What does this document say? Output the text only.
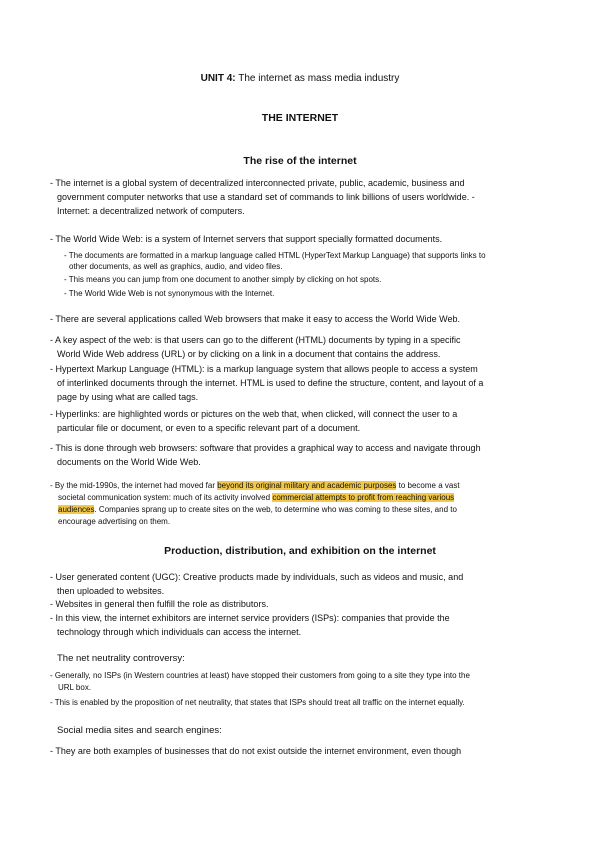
UNIT 4: The internet as mass media industry
THE INTERNET
The rise of the internet
- The internet is a global system of decentralized interconnected private, public, academic, business and
government computer networks that use a standard set of commands to link billions of users worldwide. -
Internet: a decentralized network of computers.
- The World Wide Web: is a system of Internet servers that support specially formatted documents.
- The documents are formatted in a markup language called HTML (HyperText Markup Language) that supports links to
other documents, as well as graphics, audio, and video files.
- This means you can jump from one document to another simply by clicking on hot spots.
- The World Wide Web is not synonymous with the Internet.
- There are several applications called Web browsers that make it easy to access the World Wide Web.
- A key aspect of the web: is that users can go to the different (HTML) documents by typing in a specific
World Wide Web address (URL) or by clicking on a link in a document that contains the address.
- Hypertext Markup Language (HTML): is a markup language system that allows people to access a system
of interlinked documents through the internet. HTML is used to define the structure, content, and layout of a
page by using what are called tags.
- Hyperlinks: are highlighted words or pictures on the web that, when clicked, will connect the user to a
particular file or document, or even to a specific relevant part of a document.
- This is done through web browsers: software that provides a graphical way to access and navigate through
documents on the World Wide Web.
- By the mid-1990s, the internet had moved far beyond its original military and academic purposes to become a vast
societal communication system: much of its activity involved commercial attempts to profit from reaching various
audiences. Companies sprang up to create sites on the web, to determine who was coming to these sites, and to
encourage advertising on them.
Production, distribution, and exhibition on the internet
- User generated content (UGC): Creative products made by individuals, such as videos and music, and
then uploaded to websites.
- Websites in general then fulfill the role as distributors.
- In this view, the internet exhibitors are internet service providers (ISPs): companies that provide the
technology through which individuals can access the internet.
The net neutrality controversy:
- Generally, no ISPs (in Western countries at least) have stopped their customers from going to a site they type into the
URL box.
- This is enabled by the proposition of net neutrality, that states that ISPs should treat all traffic on the internet equally.
Social media sites and search engines:
- They are both examples of businesses that do not exist outside the internet environment, even though
